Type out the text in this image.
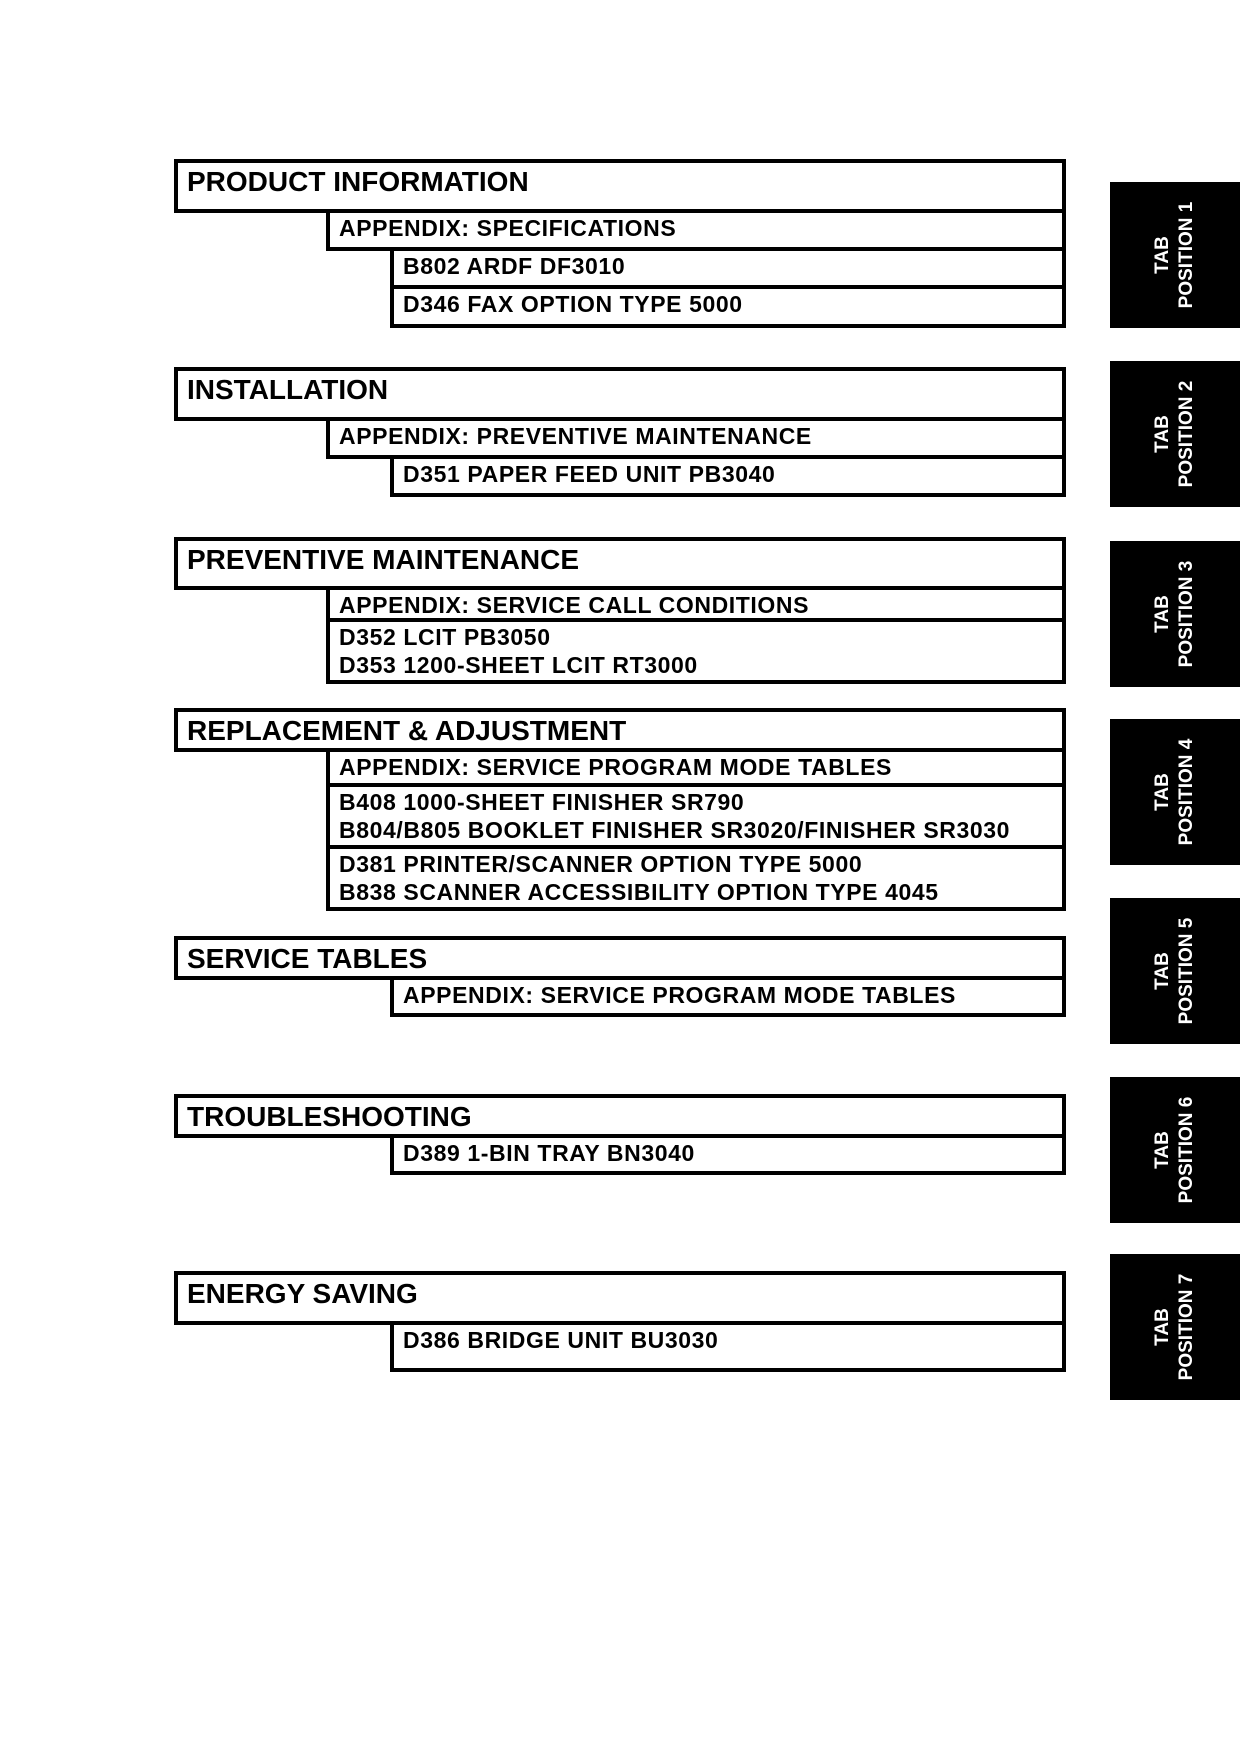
PRODUCT INFORMATION
APPENDIX: SPECIFICATIONS
B802 ARDF DF3010
D346 FAX OPTION TYPE 5000
INSTALLATION
APPENDIX: PREVENTIVE MAINTENANCE
D351 PAPER FEED UNIT PB3040
PREVENTIVE MAINTENANCE
APPENDIX: SERVICE CALL CONDITIONS
D352 LCIT PB3050
D353 1200-SHEET LCIT RT3000
REPLACEMENT & ADJUSTMENT
APPENDIX: SERVICE PROGRAM MODE TABLES
B408 1000-SHEET FINISHER SR790
B804/B805 BOOKLET FINISHER SR3020/FINISHER SR3030
D381 PRINTER/SCANNER OPTION TYPE 5000
B838 SCANNER ACCESSIBILITY OPTION TYPE 4045
SERVICE TABLES
APPENDIX: SERVICE PROGRAM MODE TABLES
TROUBLESHOOTING
D389 1-BIN TRAY BN3040
ENERGY SAVING
D386 BRIDGE UNIT BU3030
TAB POSITION 1
TAB POSITION 2
TAB POSITION 3
TAB POSITION 4
TAB POSITION 5
TAB POSITION 6
TAB POSITION 7
